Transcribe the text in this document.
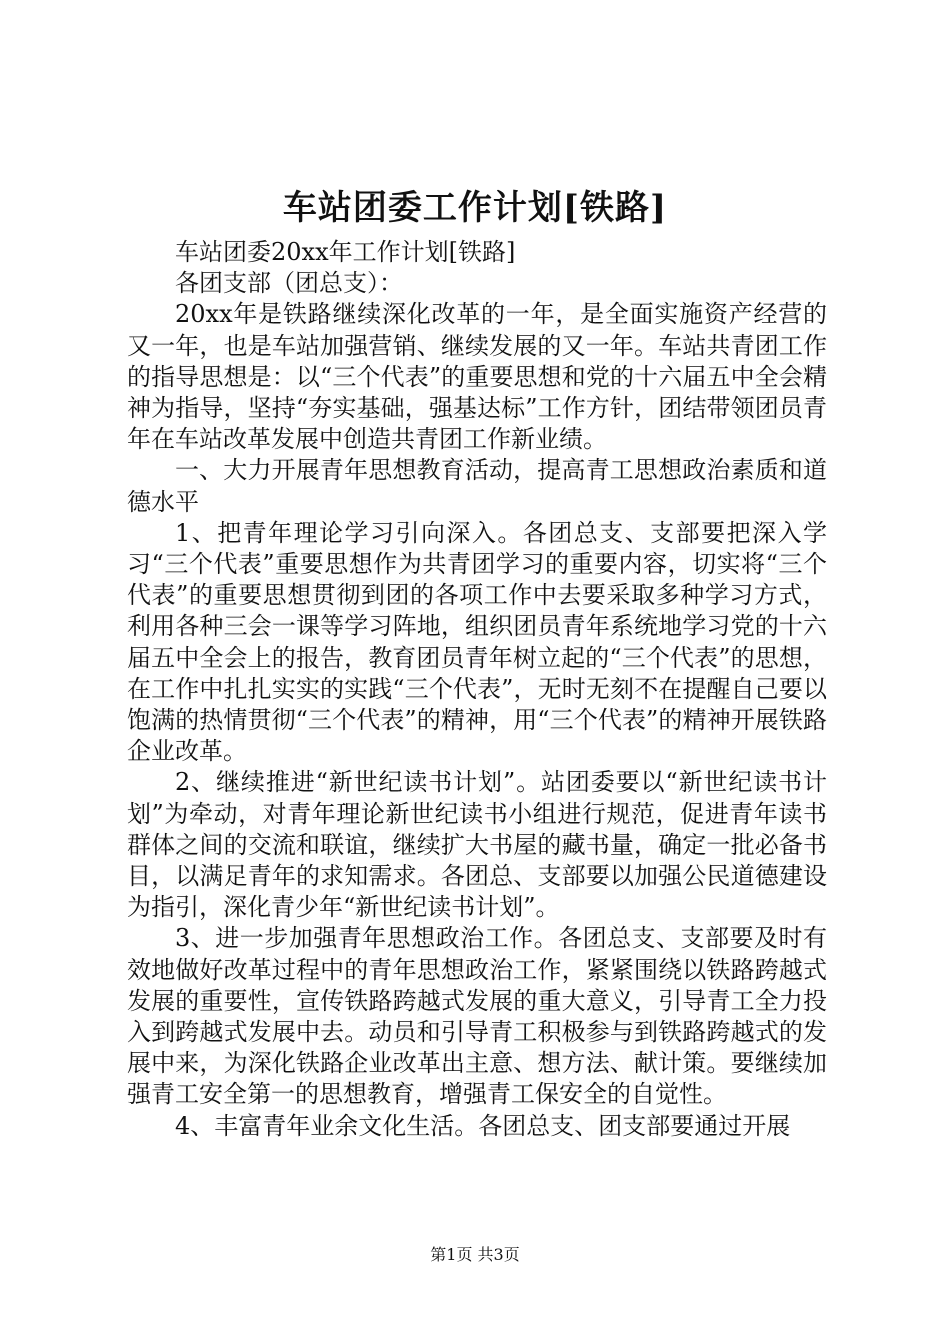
车站团委工作计划[铁路]

车站团委20xx年工作计划[铁路]

各团支部（团总支）：

20xx年是铁路继续深化改革的一年，是全面实施资产经营的又一年，也是车站加强营销、继续发展的又一年。车站共青团工作的指导思想是：以“三个代表”的重要思想和党的十六届五中全会精神为指导，坚持“夯实基础，强基达标”工作方针，团结带领团员青年在车站改革发展中创造共青团工作新业绩。

一、大力开展青年思想教育活动，提高青工思想政治素质和道德水平

1、把青年理论学习引向深入。各团总支、支部要把深入学习“三个代表”重要思想作为共青团学习的重要内容，切实将“三个代表”的重要思想贯彻到团的各项工作中去要采取多种学习方式，利用各种三会一课等学习阵地，组织团员青年系统地学习党的十六届五中全会上的报告，教育团员青年树立起的“三个代表”的思想，在工作中扎扎实实的实践“三个代表”，无时无刻不在提醒自己要以饱满的热情贯彻“三个代表”的精神，用“三个代表”的精神开展铁路企业改革。

2、继续推进“新世纪读书计划”。站团委要以“新世纪读书计划”为牵动，对青年理论新世纪读书小组进行规范，促进青年读书群体之间的交流和联谊，继续扩大书屋的藏书量，确定一批必备书目，以满足青年的求知需求。各团总、支部要以加强公民道德建设为指引，深化青少年“新世纪读书计划”。

3、进一步加强青年思想政治工作。各团总支、支部要及时有效地做好改革过程中的青年思想政治工作，紧紧围绕以铁路跨越式发展的重要性，宣传铁路跨越式发展的重大意义，引导青工全力投入到跨越式发展中去。动员和引导青工积极参与到铁路跨越式的发展中来，为深化铁路企业改革出主意、想方法、献计策。要继续加强青工安全第一的思想教育，增强青工保安全的自觉性。

4、丰富青年业余文化生活。各团总支、团支部要通过开展

第1页 共3页
